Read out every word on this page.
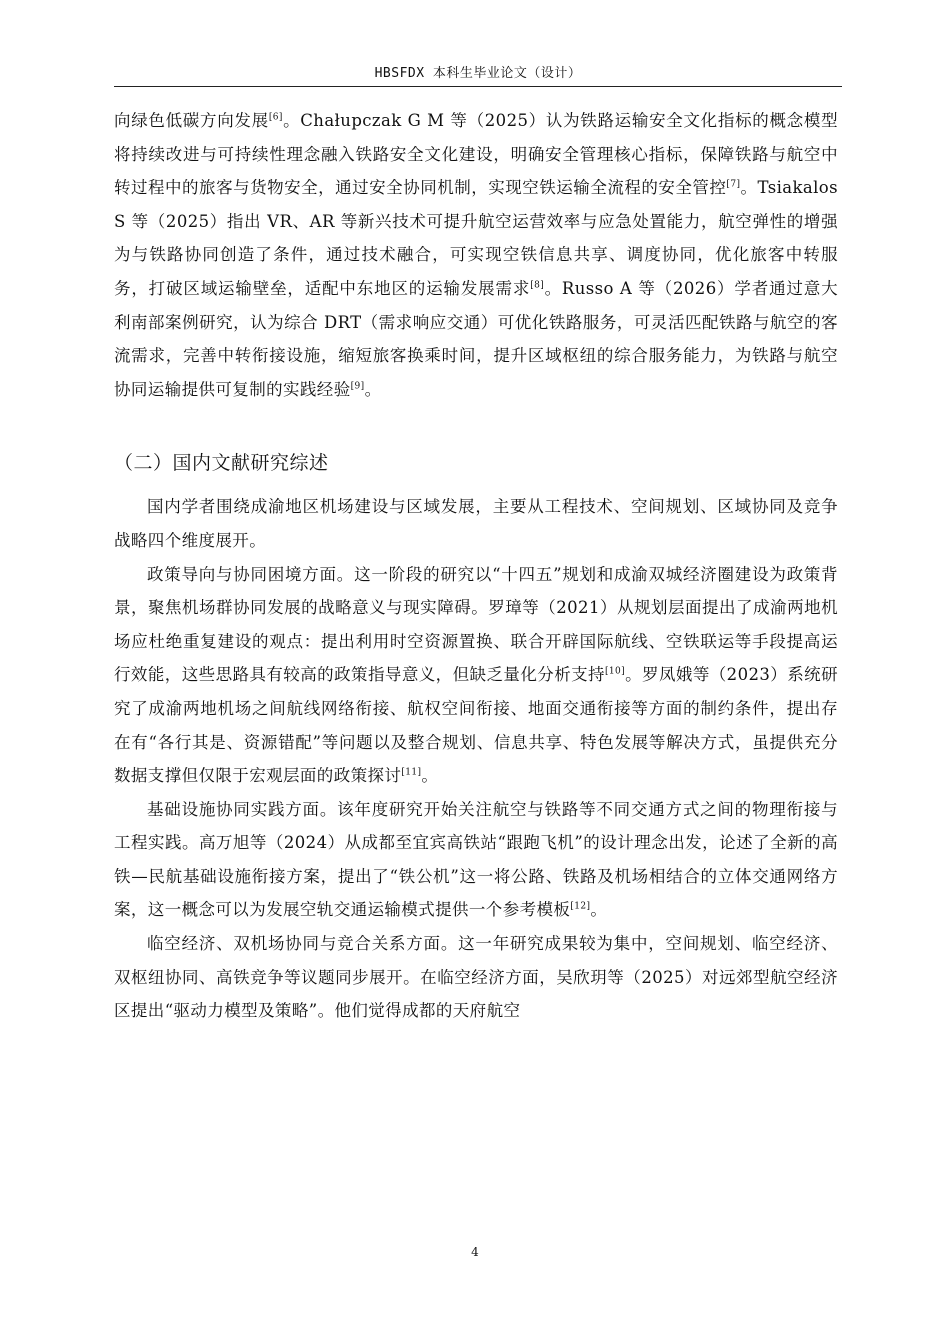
HBSFDX 本科生毕业论文（设计）

向绿色低碳方向发展[6]。Chałupczak G M 等（2025）认为铁路运输安全文化指标的概念模型将持续改进与可持续性理念融入铁路安全文化建设，明确安全管理核心指标，保障铁路与航空中转过程中的旅客与货物安全，通过安全协同机制，实现空铁运输全流程的安全管控[7]。Tsiakalos S 等（2025）指出 VR、AR 等新兴技术可提升航空运营效率与应急处置能力，航空弹性的增强为与铁路协同创造了条件，通过技术融合，可实现空铁信息共享、调度协同，优化旅客中转服务，打破区域运输壁垒，适配中东地区的运输发展需求[8]。Russo A 等（2026）学者通过意大利南部案例研究，认为综合 DRT（需求响应交通）可优化铁路服务，可灵活匹配铁路与航空的客流需求，完善中转衔接设施，缩短旅客换乘时间，提升区域枢纽的综合服务能力，为铁路与航空协同运输提供可复制的实践经验[9]。

（二）国内文献研究综述

国内学者围绕成渝地区机场建设与区域发展，主要从工程技术、空间规划、区域协同及竞争战略四个维度展开。

政策导向与协同困境方面。这一阶段的研究以“十四五”规划和成渝双城经济圈建设为政策背景，聚焦机场群协同发展的战略意义与现实障碍。罗璋等（2021）从规划层面提出了成渝两地机场应杜绝重复建设的观点：提出利用时空资源置换、联合开辟国际航线、空铁联运等手段提高运行效能，这些思路具有较高的政策指导意义，但缺乏量化分析支持[10]。罗凤娥等（2023）系统研究了成渝两地机场之间航线网络衔接、航权空间衔接、地面交通衔接等方面的制约条件，提出存在有“各行其是、资源错配”等问题以及整合规划、信息共享、特色发展等解决方式，虽提供充分数据支撑但仅限于宏观层面的政策探讨[11]。

基础设施协同实践方面。该年度研究开始关注航空与铁路等不同交通方式之间的物理衔接与工程实践。高万旭等（2024）从成都至宜宾高铁站“跟跑飞机”的设计理念出发，论述了全新的高铁—民航基础设施衔接方案，提出了“铁公机”这一将公路、铁路及机场相结合的立体交通网络方案，这一概念可以为发展空轨交通运输模式提供一个参考模板[12]。

临空经济、双机场协同与竞合关系方面。这一年研究成果较为集中，空间规划、临空经济、双枢纽协同、高铁竞争等议题同步展开。在临空经济方面，吴欣玥等（2025）对远郊型航空经济区提出“驱动力模型及策略”。他们觉得成都的天府航空

4
